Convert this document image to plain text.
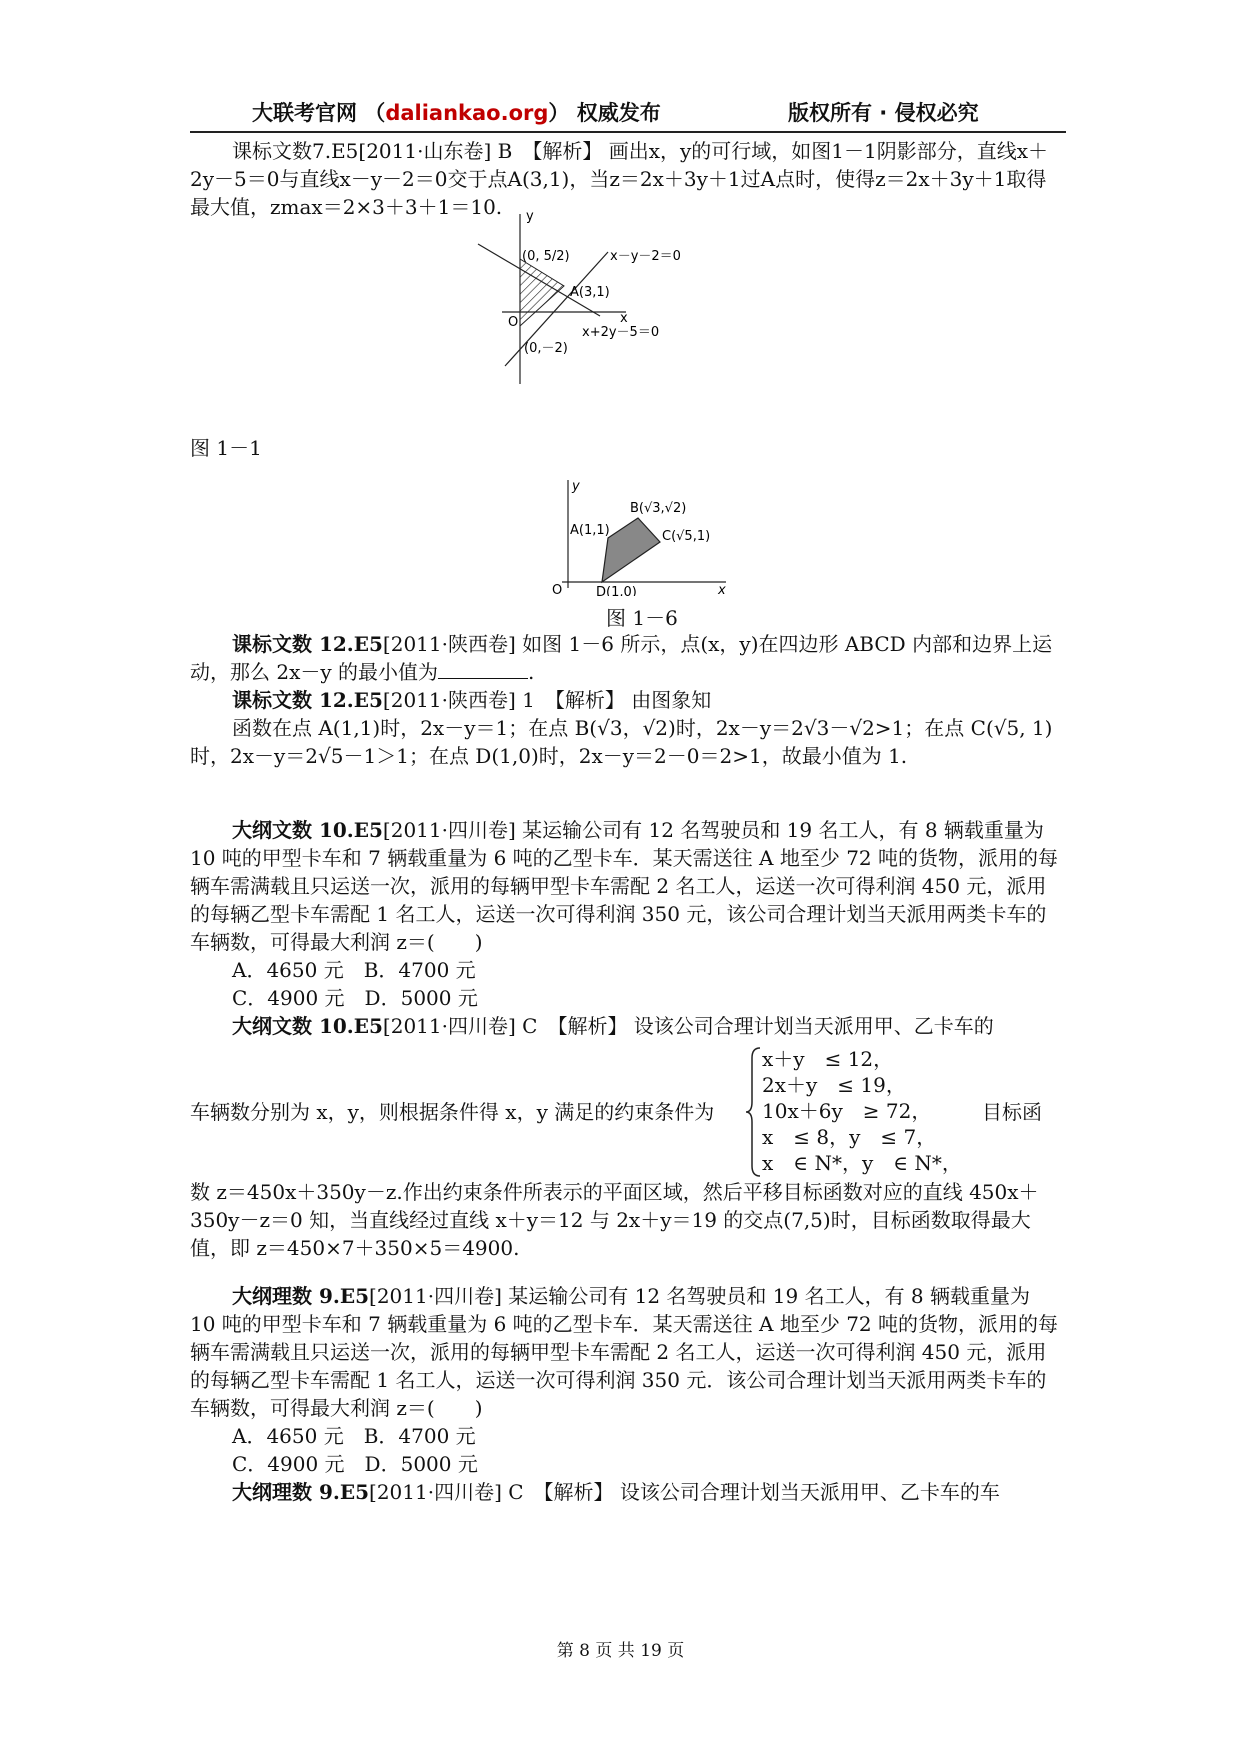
大联考官网 （daliankao.org） 权威发布	版权所有 · 侵权必究
课标文数7.E5[2011·山东卷] B　【解析】 画出x，y的可行域，如图1－1阴影部分，直线x＋2y－5＝0与直线x－y－2＝0交于点A(3,1)，当z＝2x＋3y＋1过A点时，使得z＝2x＋3y＋1取得最大值，zmax＝2×3＋3＋1＝10.	y
x
O
(0, 5/2)	x－y－2＝0
A(3,1)
x+2y－5＝0
(0,－2)
图 1－1
y
x
O
A(1,1)
B(√3,√2)
C(√5,1)
D(1,0)
图 1－6
课标文数 12.E5[2011·陕西卷] 如图 1－6 所示，点(x，y)在四边形 ABCD 内部和边界上运动，那么 2x－y 的最小值为	.
课标文数 12.E5[2011·陕西卷] 1　【解析】 由图象知
函数在点 A(1,1)时，2x－y＝1；在点 B(√3，√2)时，2x－y＝2√3－√2>1；在点 C(√5, 1)
时，2x－y＝2√5－1＞1；在点 D(1,0)时，2x－y＝2－0＝2>1，故最小值为 1.
大纲文数 10.E5[2011·四川卷] 某运输公司有 12 名驾驶员和 19 名工人，有 8 辆载重量为 10 吨的甲型卡车和 7 辆载重量为 6 吨的乙型卡车．某天需送往 A 地至少 72 吨的货物，派用的每辆车需满载且只运送一次，派用的每辆甲型卡车需配 2 名工人，运送一次可得利润 450 元，派用的每辆乙型卡车需配 1 名工人，运送一次可得利润 350 元，该公司合理计划当天派用两类卡车的车辆数，可得最大利润 z＝(　　)
A．4650 元　B．4700 元
C．4900 元　D．5000 元
大纲文数 10.E5[2011·四川卷] C　【解析】 设该公司合理计划当天派用甲、乙卡车的
x＋y　≤ 12，
2x＋y　≤ 19，
10x＋6y　≥ 72，
x　≤ 8，y　≤ 7，
x　∈ N*，y　∈ N*，
车辆数分别为 x，y，则根据条件得 x，y 满足的约束条件为	目标函
数 z＝450x＋350y－z.作出约束条件所表示的平面区域，然后平移目标函数对应的直线 450x＋350y－z＝0 知，当直线经过直线 x＋y＝12 与 2x＋y＝19 的交点(7,5)时，目标函数取得最大值，即 z＝450×7＋350×5＝4900.
大纲理数 9.E5[2011·四川卷] 某运输公司有 12 名驾驶员和 19 名工人，有 8 辆载重量为 10 吨的甲型卡车和 7 辆载重量为 6 吨的乙型卡车．某天需送往 A 地至少 72 吨的货物，派用的每辆车需满载且只运送一次，派用的每辆甲型卡车需配 2 名工人，运送一次可得利润 450 元，派用的每辆乙型卡车需配 1 名工人，运送一次可得利润 350 元．该公司合理计划当天派用两类卡车的车辆数，可得最大利润 z＝(　　)
A．4650 元　B．4700 元
C．4900 元　D．5000 元
大纲理数 9.E5[2011·四川卷] C　【解析】 设该公司合理计划当天派用甲、乙卡车的车
第 8 页 共 19 页
